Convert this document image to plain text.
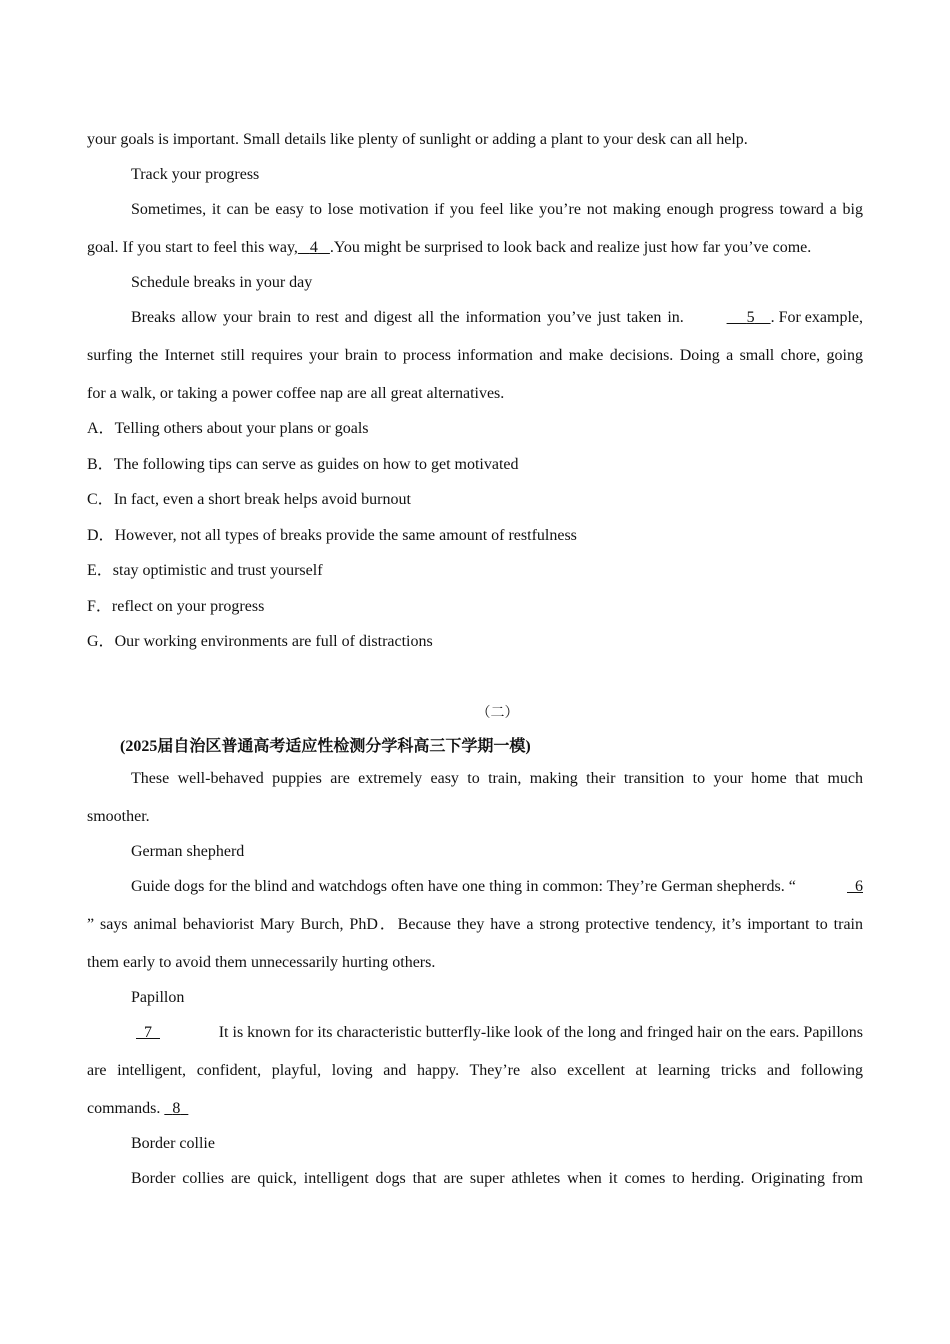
your goals is important. Small details like plenty of sunlight or adding a plant to your desk can all help.
Track your progress
Sometimes, it can be easy to lose motivation if you feel like you’re not making enough progress toward a big
goal. If you start to feel this way, 4 .You might be surprised to look back and realize just how far you’ve come.
Schedule breaks in your day
Breaks allow your brain to rest and digest all the information you’ve just taken in.	5 . For example,
surfing the Internet still requires your brain to process information and make decisions. Doing a small chore, going
for a walk, or taking a power coffee nap are all great alternatives.
A．Telling others about your plans or goals
B．The following tips can serve as guides on how to get motivated
C．In fact, even a short break helps avoid burnout
D．However, not all types of breaks provide the same amount of restfulness
E．stay optimistic and trust yourself
F．reflect on your progress
G．Our working environments are full of distractions
（二）
(2025届自治区普通高考适应性检测分学科高三下学期一模)
These well-behaved puppies are extremely easy to train, making their transition to your home that much
smoother.
German shepherd
Guide dogs for the blind and watchdogs often have one thing in common: They’re German shepherds. “	6
” says animal behaviorist Mary Burch, PhD．Because they have a strong protective tendency, it’s important to train
them early to avoid them unnecessarily hurting others.
Papillon
7	It is known for its characteristic butterfly-like look of the long and fringed hair on the ears. Papillons
are intelligent, confident, playful, loving and happy. They’re also excellent at learning tricks and following
commands. 8
Border collie
Border collies are quick, intelligent dogs that are super athletes when it comes to herding. Originating from
